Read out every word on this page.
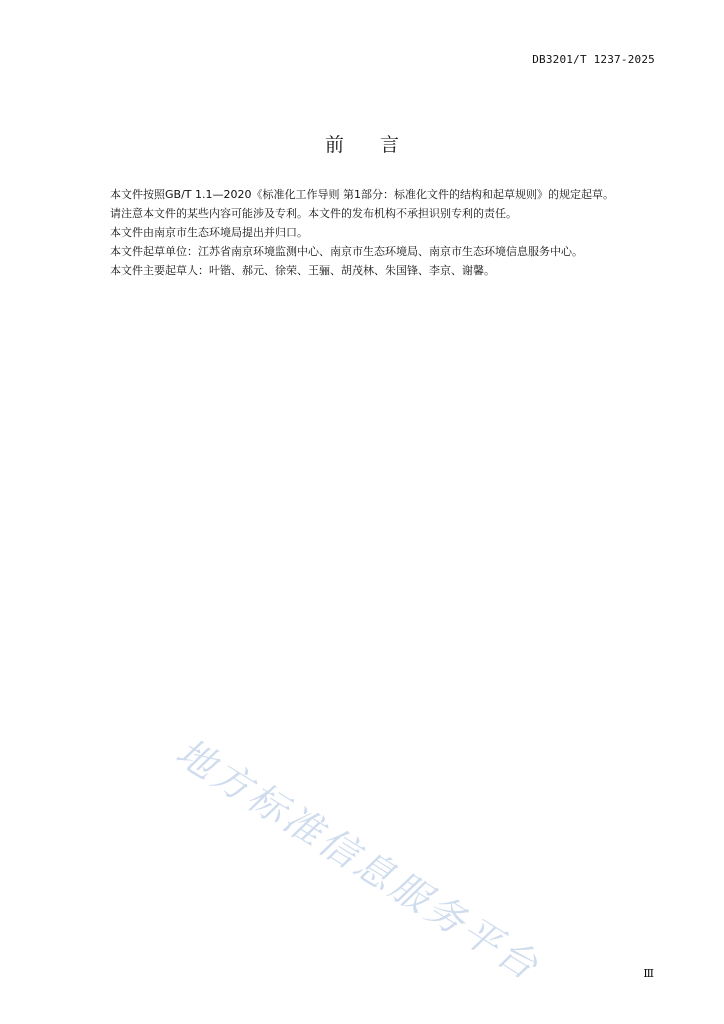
DB3201/T 1237-2025
前言

本文件按照GB/T 1.1—2020《标准化工作导则 第1部分：标准化文件的结构和起草规则》的规定起草。

请注意本文件的某些内容可能涉及专利。本文件的发布机构不承担识别专利的责任。

本文件由南京市生态环境局提出并归口。

本文件起草单位：江苏省南京环境监测中心、南京市生态环境局、南京市生态环境信息服务中心。

本文件主要起草人：叶锴、郝元、徐荣、王骊、胡茂林、朱国锋、李京、谢馨。

地方标准信息服务平台	Ⅲ
